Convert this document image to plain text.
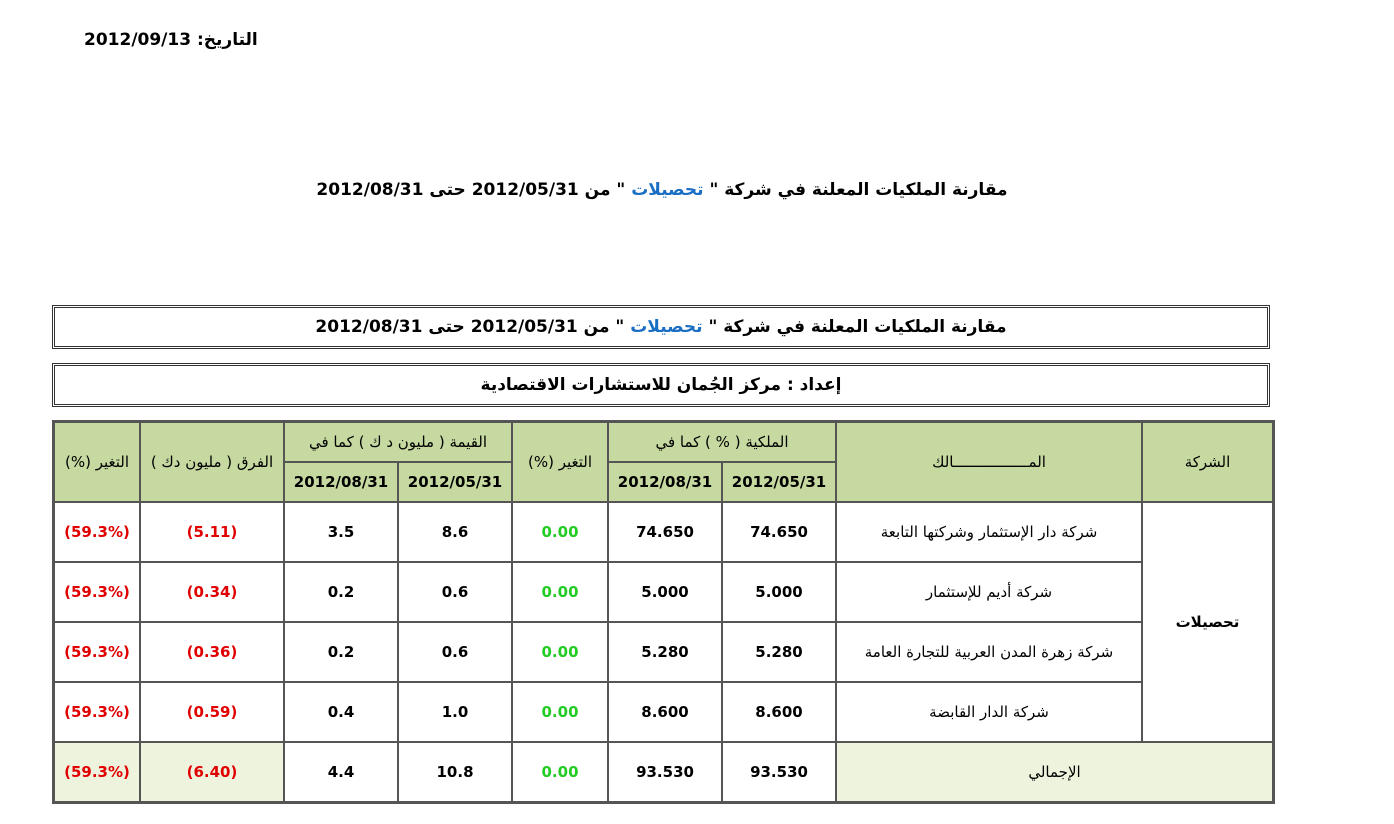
التاريخ: 2012/09/13
مقارنة الملكيات المعلنة في شركة " تحصيلات " من 2012/05/31 حتى 2012/08/31
مقارنة الملكيات المعلنة في شركة " تحصيلات " من 2012/05/31 حتى 2012/08/31
إعداد : مركز الجُمان للاستشارات الاقتصادية
التغير (%)	الفرق ( مليون دك )	القيمة ( مليون د ك ) كما في		التغير (%)	الملكية ( % ) كما في		المـــــــــــــــــالك	الشركة
		2012/08/31	2012/05/31		2012/08/31	2012/05/31		
(59.3%)	(5.11)	3.5	8.6	0.00	74.650	74.650	شركة دار الإستثمار وشركتها التابعة	تحصيلات
(59.3%)	(0.34)	0.2	0.6	0.00	5.000	5.000	شركة أديم للإستثمار	
(59.3%)	(0.36)	0.2	0.6	0.00	5.280	5.280	شركة زهرة المدن العربية للتجارة العامة	
(59.3%)	(0.59)	0.4	1.0	0.00	8.600	8.600	شركة الدار القابضة	
(59.3%)	(6.40)	4.4	10.8	0.00	93.530	93.530	الإجمالي	
